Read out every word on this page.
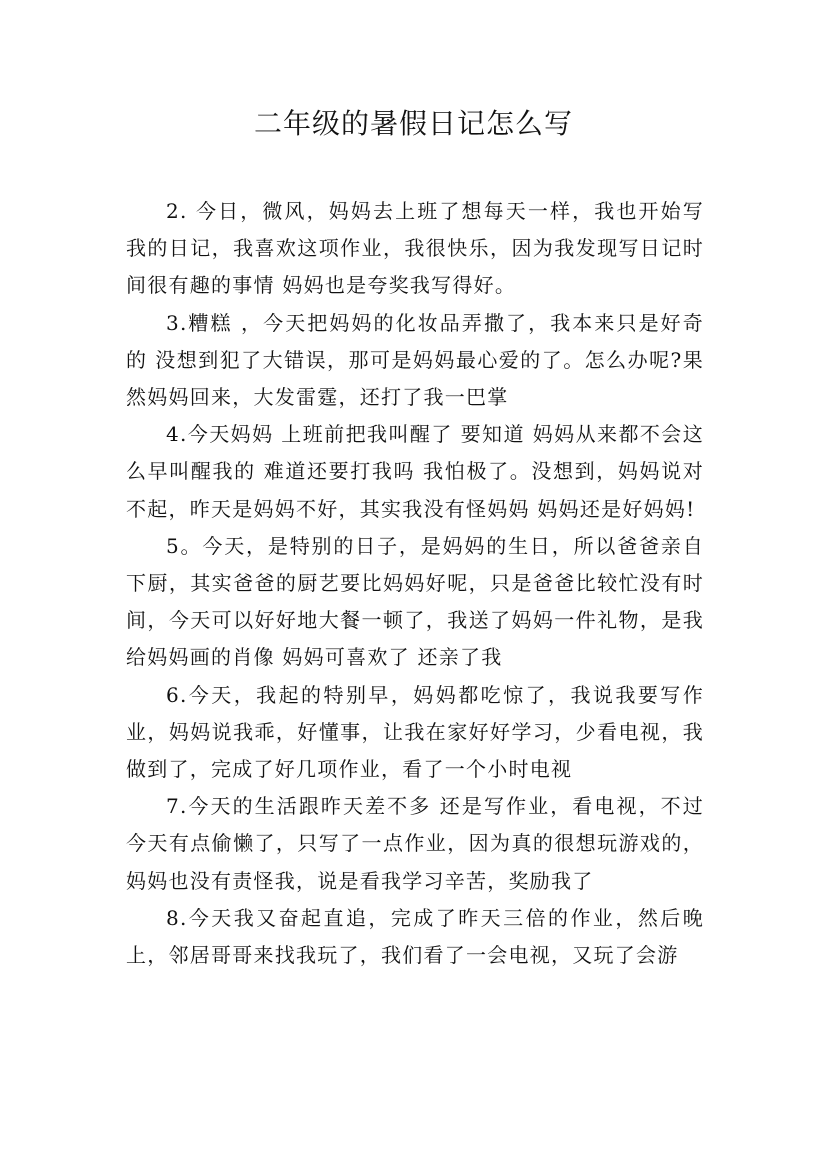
二年级的暑假日记怎么写

2. 今日，微风，妈妈去上班了想每天一样，我也开始写我的日记，我喜欢这项作业，我很快乐，因为我发现写日记时间很有趣的事情 妈妈也是夸奖我写得好。

3.糟糕 ，今天把妈妈的化妆品弄撒了，我本来只是好奇的 没想到犯了大错误，那可是妈妈最心爱的了。怎么办呢?果然妈妈回来，大发雷霆，还打了我一巴掌

4.今天妈妈 上班前把我叫醒了 要知道 妈妈从来都不会这么早叫醒我的 难道还要打我吗 我怕极了。没想到，妈妈说对不起，昨天是妈妈不好，其实我没有怪妈妈 妈妈还是好妈妈!

5。今天，是特别的日子，是妈妈的生日，所以爸爸亲自下厨，其实爸爸的厨艺要比妈妈好呢，只是爸爸比较忙没有时间，今天可以好好地大餐一顿了，我送了妈妈一件礼物，是我给妈妈画的肖像 妈妈可喜欢了 还亲了我

6.今天，我起的特别早，妈妈都吃惊了，我说我要写作业，妈妈说我乖，好懂事，让我在家好好学习，少看电视，我做到了，完成了好几项作业，看了一个小时电视

7.今天的生活跟昨天差不多 还是写作业，看电视，不过今天有点偷懒了，只写了一点作业，因为真的很想玩游戏的，妈妈也没有责怪我，说是看我学习辛苦，奖励我了

8.今天我又奋起直追，完成了昨天三倍的作业，然后晚上，邻居哥哥来找我玩了，我们看了一会电视，又玩了会游
